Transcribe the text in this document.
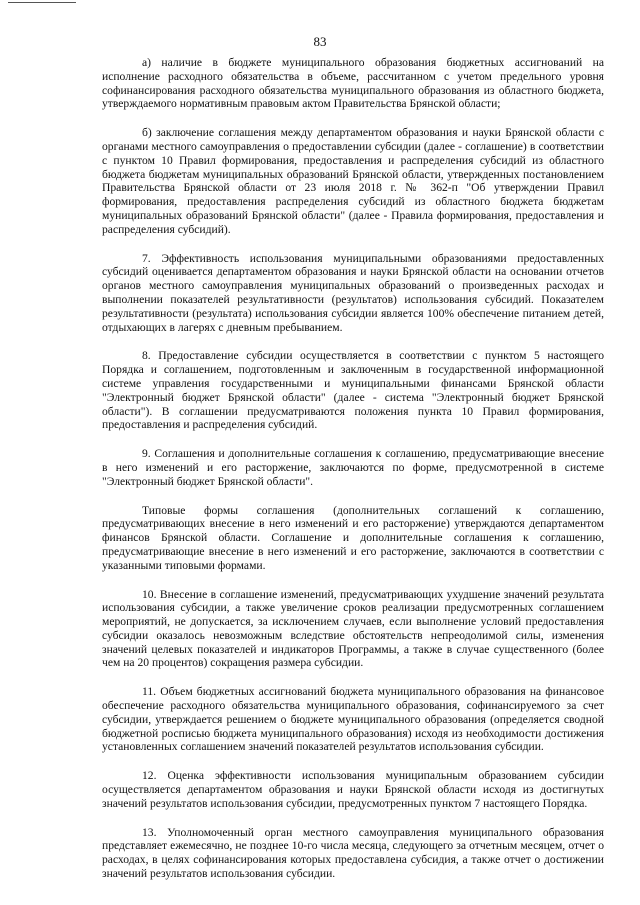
83

а) наличие в бюджете муниципального образования бюджетных ассигнований на исполнение расходного обязательства в объеме, рассчитанном с учетом предельного уровня софинансирования расходного обязательства муниципального образования из областного бюджета, утверждаемого нормативным правовым актом Правительства Брянской области;

б) заключение соглашения между департаментом образования и науки Брянской области с органами местного самоуправления о предоставлении субсидии (далее - соглашение) в соответствии с пунктом 10 Правил формирования, предоставления и распределения субсидий из областного бюджета бюджетам муниципальных образований Брянской области, утвержденных постановлением Правительства Брянской области от 23 июля 2018 г. № 362-п "Об утверждении Правил формирования, предоставления распределения субсидий из областного бюджета бюджетам муниципальных образований Брянской области" (далее - Правила формирования, предоставления и распределения субсидий).

7. Эффективность использования муниципальными образованиями предоставленных субсидий оценивается департаментом образования и науки Брянской области на основании отчетов органов местного самоуправления муниципальных образований о произведенных расходах и выполнении показателей результативности (результатов) использования субсидий. Показателем результативности (результата) использования субсидии является 100% обеспечение питанием детей, отдыхающих в лагерях с дневным пребыванием.

8. Предоставление субсидии осуществляется в соответствии с пунктом 5 настоящего Порядка и соглашением, подготовленным и заключенным в государственной информационной системе управления государственными и муниципальными финансами Брянской области "Электронный бюджет Брянской области" (далее - система "Электронный бюджет Брянской области"). В соглашении предусматриваются положения пункта 10 Правил формирования, предоставления и распределения субсидий.

9. Соглашения и дополнительные соглашения к соглашению, предусматривающие внесение в него изменений и его расторжение, заключаются по форме, предусмотренной в системе "Электронный бюджет Брянской области".

Типовые формы соглашения (дополнительных соглашений к соглашению, предусматривающих внесение в него изменений и его расторжение) утверждаются департаментом финансов Брянской области. Соглашение и дополнительные соглашения к соглашению, предусматривающие внесение в него изменений и его расторжение, заключаются в соответствии с указанными типовыми формами.

10. Внесение в соглашение изменений, предусматривающих ухудшение значений результата использования субсидии, а также увеличение сроков реализации предусмотренных соглашением мероприятий, не допускается, за исключением случаев, если выполнение условий предоставления субсидии оказалось невозможным вследствие обстоятельств непреодолимой силы, изменения значений целевых показателей и индикаторов Программы, а также в случае существенного (более чем на 20 процентов) сокращения размера субсидии.

11. Объем бюджетных ассигнований бюджета муниципального образования на финансовое обеспечение расходного обязательства муниципального образования, софинансируемого за счет субсидии, утверждается решением о бюджете муниципального образования (определяется сводной бюджетной росписью бюджета муниципального образования) исходя из необходимости достижения установленных соглашением значений показателей результатов использования субсидии.

12. Оценка эффективности использования муниципальным образованием субсидии осуществляется департаментом образования и науки Брянской области исходя из достигнутых значений результатов использования субсидии, предусмотренных пунктом 7 настоящего Порядка.

13. Уполномоченный орган местного самоуправления муниципального образования представляет ежемесячно, не позднее 10-го числа месяца, следующего за отчетным месяцем, отчет о расходах, в целях софинансирования которых предоставлена субсидия, а также отчет о достижении значений результатов использования субсидии.
